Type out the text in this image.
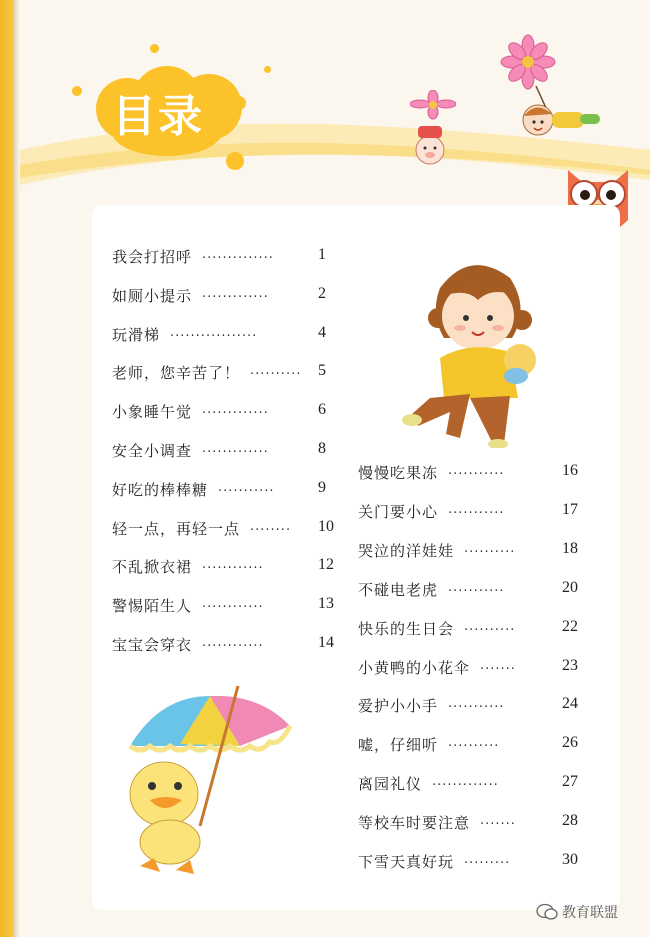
目录
我会打招呼 ··············	1
如厕小提示 ·············	2
玩滑梯 ·················	4
老师，您辛苦了！ ·········· 5
小象睡午觉 ·············	6
安全小调查 ·············	8
好吃的棒棒糖 ···········	9
轻一点，再轻一点 ········ 10
不乱掀衣裙 ············	12
警惕陌生人 ············	13
宝宝会穿衣 ············	14
慢慢吃果冻 ···········	16
关门要小心 ···········	17
哭泣的洋娃娃 ··········	18
不碰电老虎 ···········	20
快乐的生日会 ··········	22
小黄鸭的小花伞 ·······	23
爱护小小手 ···········	24
嘘，仔细听 ··········	26
离园礼仪 ·············	27
等校车时要注意 ·······	28
下雪天真好玩 ·········	30
教育联盟
